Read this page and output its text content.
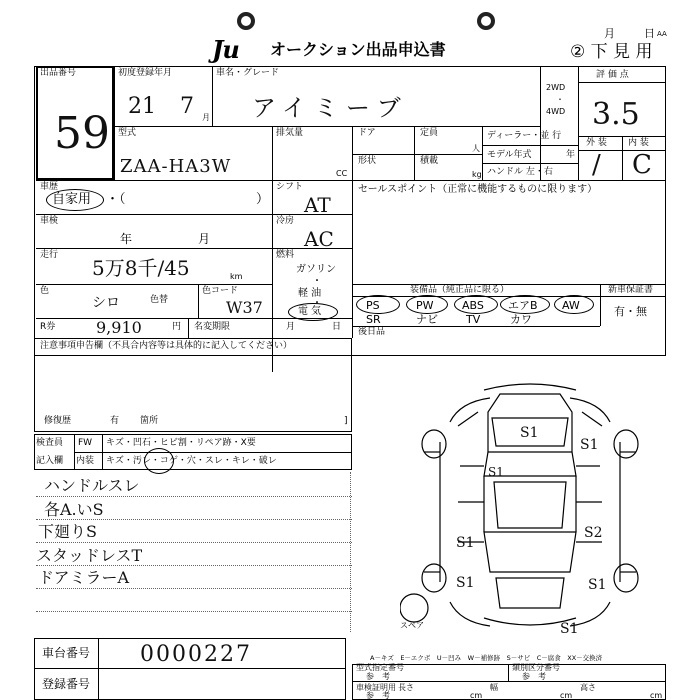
Ju オークション出品申込書
月	日 AA
② 下 見 用
出品番号
59
初度登録年月
21 7 月
車名・グレード
アイミーブ
2WD
・
4WD
評 価 点
3.5
型式
ZAA-HA3W
排気量
CC
ドア	定員
人
形状	積載
kg
ディーラー・並 行
モデル年式	年
ハンドル 左・右
外 装 内 装
/ C
車歴
自家用 ・（	）
シフト
AT
セールスポイント（正常に機能するものに限ります）
車検
年	月
冷房
AC
走行
5万8千/45	km
燃料
ガソリン
・
軽 油
・
電 気
色
シロ	色替
色コード
W37
装備品（純正品に限る）	新車保証書
PS	PW	ABS エアB AW
SR	ナビ	TV	カワ
有・無
後日品
R券	9,910	円 名変期限	月	日
注意事項申告欄（不具合内容等は具体的に記入してください）
修復歴	有 箇所	]
検査員
記入欄
FW
内装
キズ・凹石・ヒビ割・リペア跡・X要
キズ・汚レ・コゲ・穴・スレ・キレ・破レ
ハンドルスレ
各A.いS
下廻りS
スタッドレスT
ドアミラーA
S1
S1
S1
S2
S1
S1	S1
S1
スペア
A－キズ　E－エクボ　U－凹み　W－補修跡　S－サビ　C－腐食　XX－交換済
車台番号 0000227
登録番号
型式指定番号
参　考
類別区分番号
参　考
車検証明用
参　考
長さ
cm
幅
cm
高さ
cm
